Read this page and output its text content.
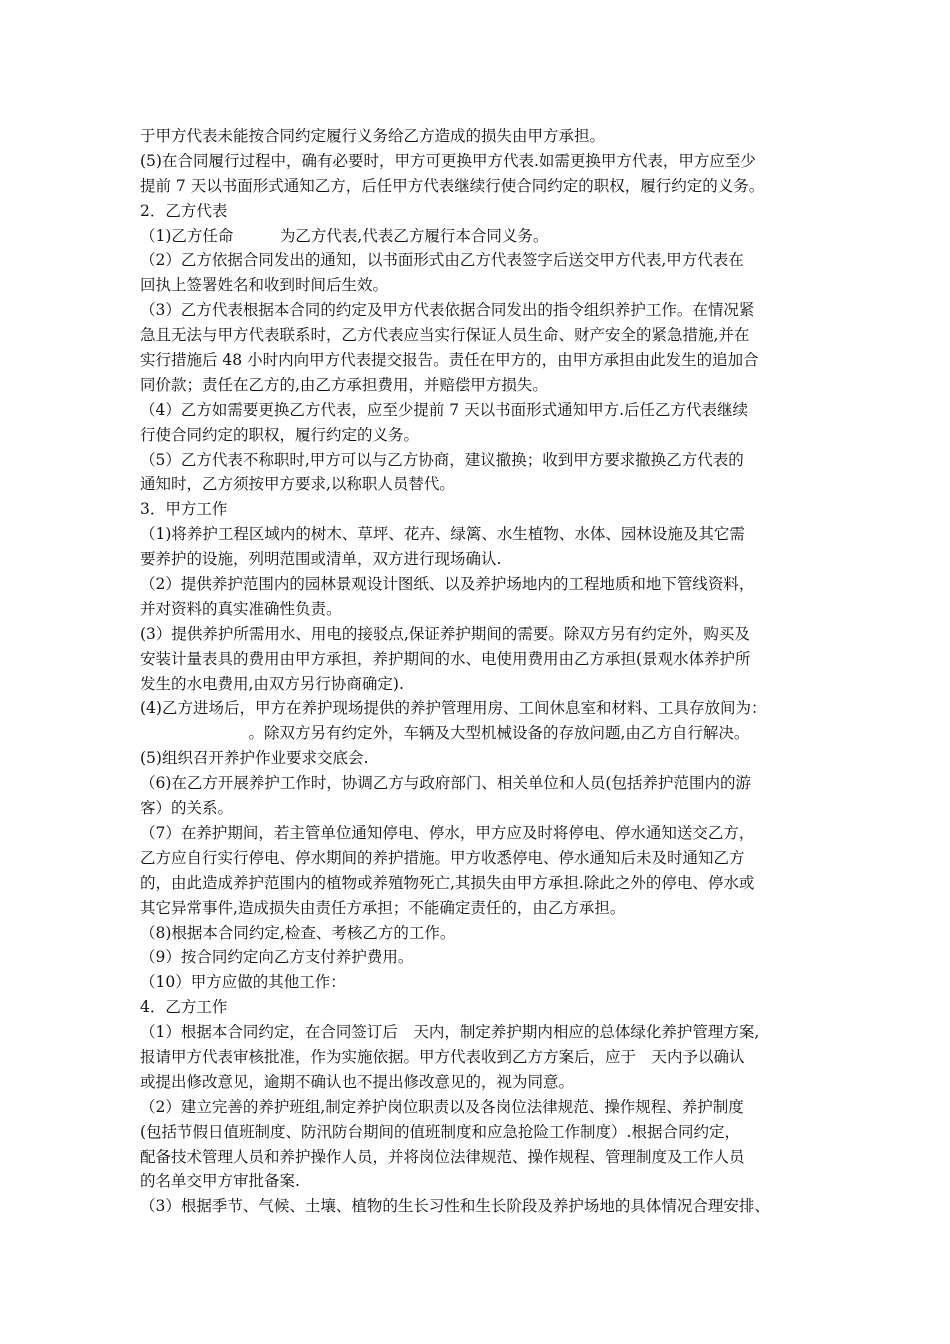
于甲方代表未能按合同约定履行义务给乙方造成的损失由甲方承担。
(5)在合同履行过程中，确有必要时，甲方可更换甲方代表.如需更换甲方代表，甲方应至少
提前 7 天以书面形式通知乙方，后任甲方代表继续行使合同约定的职权，履行约定的义务。
2．乙方代表
（1)乙方任命　　　为乙方代表,代表乙方履行本合同义务。
（2）乙方依据合同发出的通知，以书面形式由乙方代表签字后送交甲方代表,甲方代表在
回执上签署姓名和收到时间后生效。
（3）乙方代表根据本合同的约定及甲方代表依据合同发出的指令组织养护工作。在情况紧
急且无法与甲方代表联系时，乙方代表应当实行保证人员生命、财产安全的紧急措施,并在
实行措施后 48 小时内向甲方代表提交报告。责任在甲方的，由甲方承担由此发生的追加合
同价款；责任在乙方的,由乙方承担费用，并赔偿甲方损失。
（4）乙方如需要更换乙方代表，应至少提前 7 天以书面形式通知甲方.后任乙方代表继续
行使合同约定的职权，履行约定的义务。
（5）乙方代表不称职时,甲方可以与乙方协商，建议撤换；收到甲方要求撤换乙方代表的
通知时，乙方须按甲方要求,以称职人员替代。
3．甲方工作
（1)将养护工程区域内的树木、草坪、花卉、绿篱、水生植物、水体、园林设施及其它需
要养护的设施，列明范围或清单，双方进行现场确认.
（2）提供养护范围内的园林景观设计图纸、以及养护场地内的工程地质和地下管线资料，
并对资料的真实准确性负责。
(3）提供养护所需用水、用电的接驳点,保证养护期间的需要。除双方另有约定外，购买及
安装计量表具的费用由甲方承担，养护期间的水、电使用费用由乙方承担(景观水体养护所
发生的水电费用,由双方另行协商确定).
(4)乙方进场后，甲方在养护现场提供的养护管理用房、工间休息室和材料、工具存放间为：
　　　　　　　。除双方另有约定外，车辆及大型机械设备的存放问题,由乙方自行解决。
(5)组织召开养护作业要求交底会.
（6)在乙方开展养护工作时，协调乙方与政府部门、相关单位和人员(包括养护范围内的游
客）的关系。
（7）在养护期间，若主管单位通知停电、停水，甲方应及时将停电、停水通知送交乙方，
乙方应自行实行停电、停水期间的养护措施。甲方收悉停电、停水通知后未及时通知乙方
的，由此造成养护范围内的植物或养殖物死亡,其损失由甲方承担.除此之外的停电、停水或
其它异常事件,造成损失由责任方承担；不能确定责任的，由乙方承担。
（8)根据本合同约定,检查、考核乙方的工作。
（9）按合同约定向乙方支付养护费用。
（10）甲方应做的其他工作：
4．乙方工作
（1）根据本合同约定，在合同签订后　天内，制定养护期内相应的总体绿化养护管理方案,
报请甲方代表审核批准，作为实施依据。甲方代表收到乙方方案后，应于　天内予以确认
或提出修改意见，逾期不确认也不提出修改意见的，视为同意。
（2）建立完善的养护班组,制定养护岗位职责以及各岗位法律规范、操作规程、养护制度
(包括节假日值班制度、防汛防台期间的值班制度和应急抢险工作制度）.根据合同约定，
配备技术管理人员和养护操作人员，并将岗位法律规范、操作规程、管理制度及工作人员
的名单交甲方审批备案.
（3）根据季节、气候、土壤、植物的生长习性和生长阶段及养护场地的具体情况合理安排、
